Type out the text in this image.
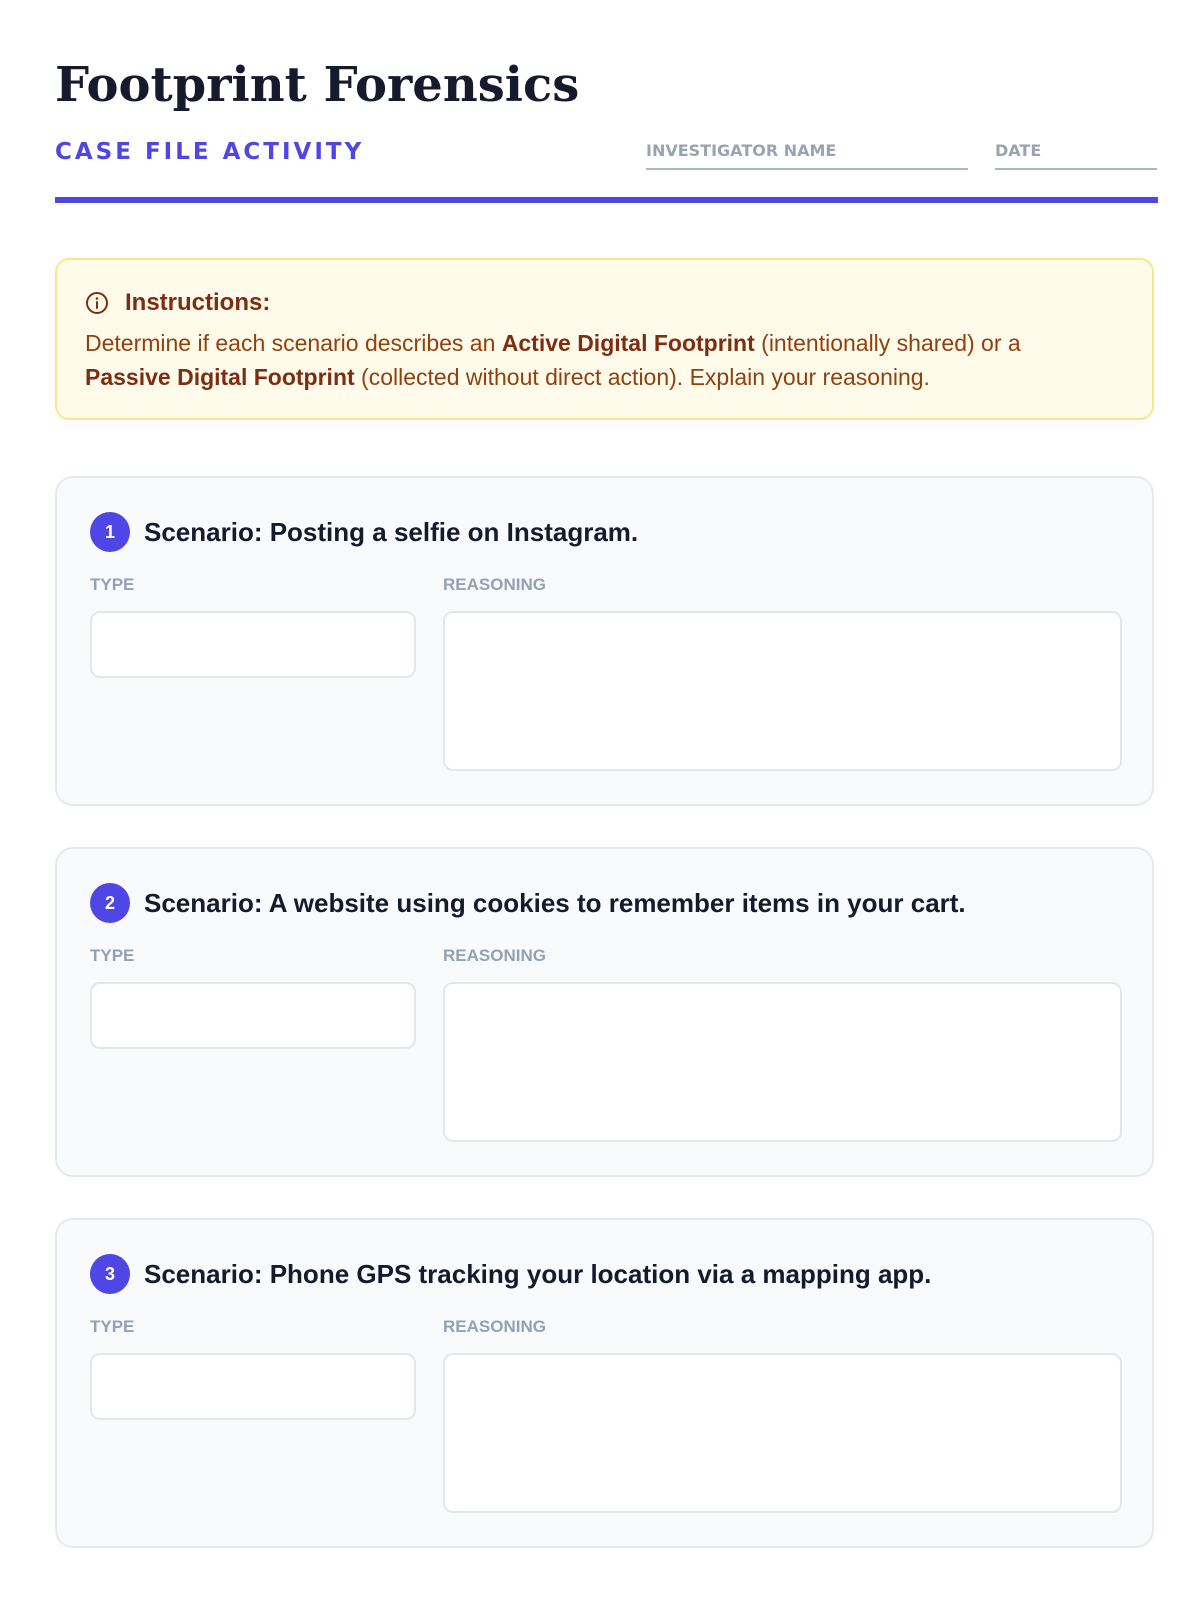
Footprint Forensics
CASE FILE ACTIVITY	INVESTIGATOR NAME	DATE
Instructions:
Determine if each scenario describes an Active Digital Footprint (intentionally shared) or a
Passive Digital Footprint (collected without direct action). Explain your reasoning.
1	Scenario: Posting a selfie on Instagram.
TYPE	REASONING
2	Scenario: A website using cookies to remember items in your cart.
TYPE	REASONING
3	Scenario: Phone GPS tracking your location via a mapping app.
TYPE	REASONING
